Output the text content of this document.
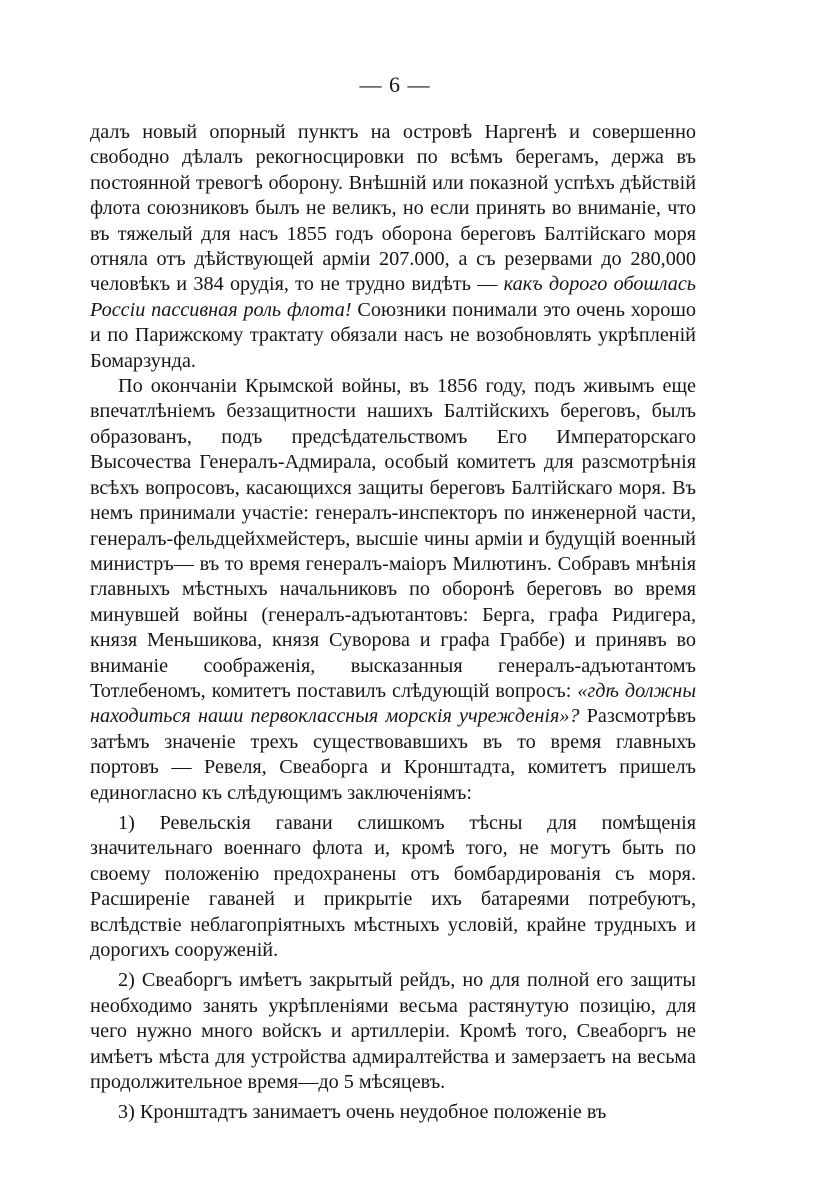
— 6 —

далъ новый опорный пунктъ на островѣ Наргенѣ и совершенно свободно дѣлалъ рекогносцировки по всѣмъ берегамъ, держа въ постоянной тревогѣ оборону. Внѣшній или показной успѣхъ дѣйствій флота союзниковъ былъ не великъ, но если принять во вниманіе, что въ тяжелый для насъ 1855 годъ оборона береговъ Балтійскаго моря отняла отъ дѣйствующей арміи 207.000, а съ резервами до 280,000 человѣкъ и 384 орудія, то не трудно видѣть — какъ дорого обошлась Россіи пассивная роль флота! Союзники понимали это очень хорошо и по Парижскому трактату обязали насъ не возобновлять укрѣпленій Бомарзунда.

По окончаніи Крымской войны, въ 1856 году, подъ живымъ еще впечатлѣніемъ беззащитности нашихъ Балтійскихъ береговъ, былъ образованъ, подъ предсѣдательствомъ Его Императорскаго Высочества Генералъ-Адмирала, особый комитетъ для разсмотрѣнія всѣхъ вопросовъ, касающихся защиты береговъ Балтійскаго моря. Въ немъ принимали участіе: генералъ-инспекторъ по инженерной части, генералъ-фельдцейхмейстеръ, высшіе чины арміи и будущій военный министръ— въ то время генералъ-маіоръ Милютинъ. Собравъ мнѣнія главныхъ мѣстныхъ начальниковъ по оборонѣ береговъ во время минувшей войны (генералъ-адъютантовъ: Берга, графа Ридигера, князя Меньшикова, князя Суворова и графа Граббе) и принявъ во вниманіе соображенія, высказанныя генералъ-адъютантомъ Тотлебеномъ, комитетъ поставилъ слѣдующій вопросъ: «гдѣ должны находиться наши первоклассныя морскія учрежденія»? Разсмотрѣвъ затѣмъ значеніе трехъ существовавшихъ въ то время главныхъ портовъ — Ревеля, Свеаборга и Кронштадта, комитетъ пришелъ единогласно къ слѣдующимъ заключеніямъ:

1) Ревельскія гавани слишкомъ тѣсны для помѣщенія значительнаго военнаго флота и, кромѣ того, не могутъ быть по своему положенію предохранены отъ бомбардированія съ моря. Расширеніе гаваней и прикрытіе ихъ батареями потребуютъ, вслѣдствіе неблагопріятныхъ мѣстныхъ условій, крайне трудныхъ и дорогихъ сооруженій.

2) Свеаборгъ имѣетъ закрытый рейдъ, но для полной его защиты необходимо занять укрѣпленіями весьма растянутую позицію, для чего нужно много войскъ и артиллеріи. Кромѣ того, Свеаборгъ не имѣетъ мѣста для устройства адмиралтейства и замерзаетъ на весьма продолжительное время—до 5 мѣсяцевъ.

3) Кронштадтъ занимаетъ очень неудобное положеніе въ
